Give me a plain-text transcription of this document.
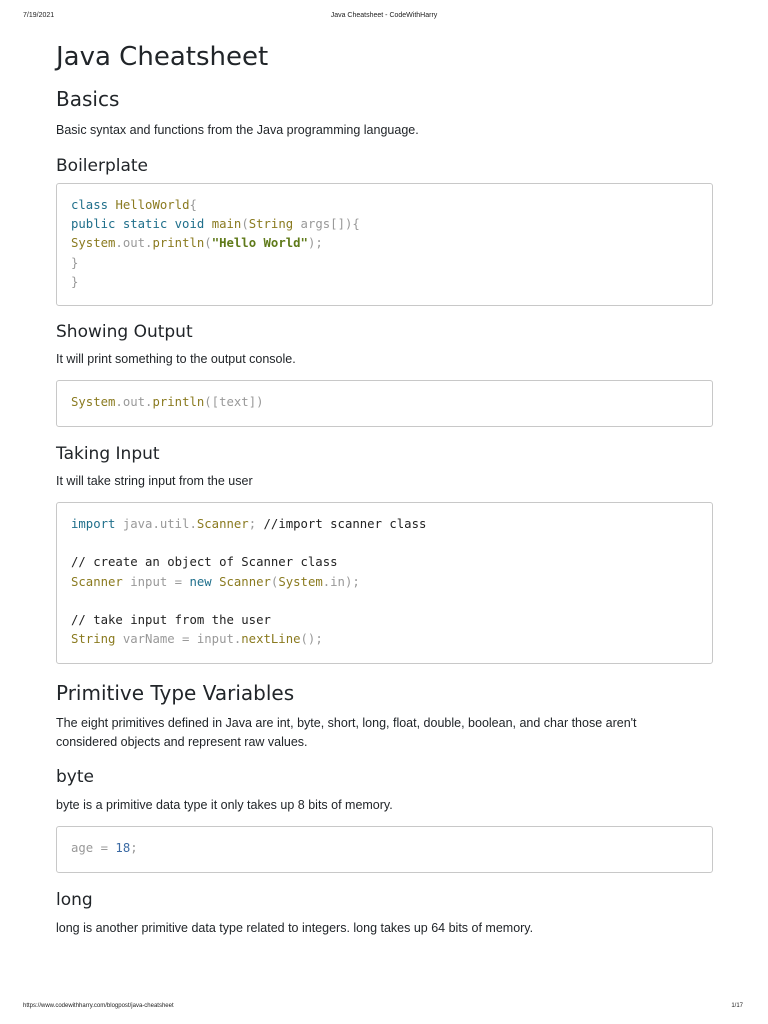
7/19/2021	Java Cheatsheet - CodeWithHarry
Java Cheatsheet
Basics

Basic syntax and functions from the Java programming language.

Boilerplate
class HelloWorld{
public static void main(String args[]){
System.out.println("Hello World");
}
}
Showing Output

It will print something to the output console.

System.out.println([text])
Taking Input

It will take string input from the user

import java.util.Scanner; //import scanner class
// create an object of Scanner class
Scanner input = new Scanner(System.in);
// take input from the user
String varName = input.nextLine();
Primitive Type Variables

The eight primitives defined in Java are int, byte, short, long, float, double, boolean, and char those aren't considered objects and represent raw values.

byte

byte is a primitive data type it only takes up 8 bits of memory.

age = 18;
long

long is another primitive data type related to integers. long takes up 64 bits of memory.

https://www.codewithharry.com/blogpost/java-cheatsheet	1/17
